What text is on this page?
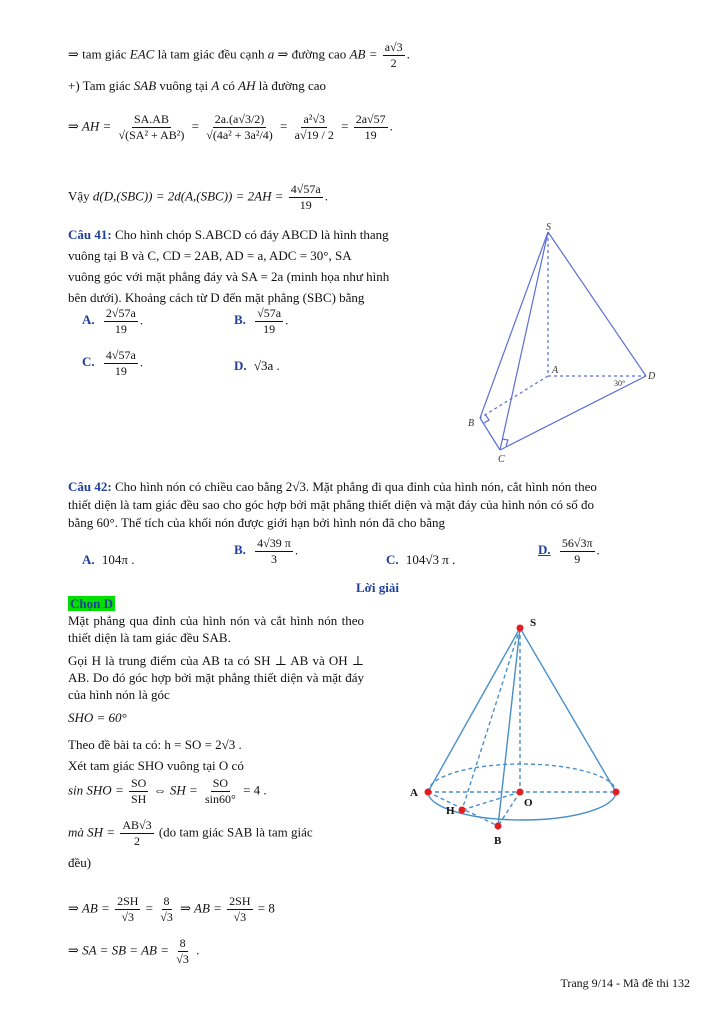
⇒ tam giác EAC là tam giác đều cạnh a ⇒ đường cao AB = $\frac{a√3}{2}$ .
+) Tam giác SAB vuông tại A có AH là đường cao
⇒ AH = $\frac{SA.AB}{\text{√(SA² + AB²)}} = \frac{2a.(a√3/2)}{\text{√(4a² + 3a²/4)}} = \frac{\text{a²√3}}{a√19 / 2} = \frac{2a√57}{19}$ .
Vậy $d(D,(SBC)) = 2d(A,(SBC)) = 2AH = \frac{4√57a}{19}$ .
Câu 41: Cho hình chóp S.ABCD có đáy ABCD là hình thang
vuông tại B và C, CD = 2AB, AD = a, ADC = 30°, SA
vuông góc với mặt phẳng đáy và SA = 2a (minh họa như hình
bên dưới). Khoảng cách từ D đến mặt phẳng (SBC) bằng
A. $\frac{2√57a}{19}$ .	B. $\frac{√57a}{19}$ .
C. $\frac{4√57a}{19}$ .	D. √3a .
S
A
B
C
D
30°
Câu 42: Cho hình nón có chiều cao bằng 2√3. Mặt phẳng đi qua đỉnh của hình nón, cắt hình nón theo
thiết diện là tam giác đều sao cho góc hợp bởi mặt phẳng thiết diện và mặt đáy của hình nón có số đo
bằng 60°. Thể tích của khối nón được giới hạn bởi hình nón đã cho bằng
A. 104π .
B. $\frac{4√39 \pi}{3}$ .
C. 104√3 π .
D. $\frac{56√3\pi}{9}$ .
Lời giải
Chọn D
Mặt phẳng qua đỉnh của hình nón và cắt hình nón theo thiết diện là tam giác đều SAB.
Gọi H là trung điểm của AB ta có SH ⊥ AB và OH ⊥ AB. Do đó góc hợp bởi mặt phẳng thiết diện và mặt đáy của hình nón là góc
SHO = 60°
Theo đề bài ta có: h = SO = 2√3 .
Xét tam giác SHO vuông tại O có
sin SHO = $\frac{SO}{SH}$ ⇔ SH = $\frac{SO}{\sin 60^\circ} = 4$ .
mà SH = $\frac{AB√3}{2} (do$ tam giác SAB là tam giác
đều)
⇒ AB = $\frac{2SH}{√3} = \frac{8}{√3}$ ⇒ AB = $\frac{2SH}{√3} = 8$
⇒ SA = SB = AB = $\frac{8}{√3}$ .
S
A
H
O
B
Trang 9/14 - Mã đề thi 132
